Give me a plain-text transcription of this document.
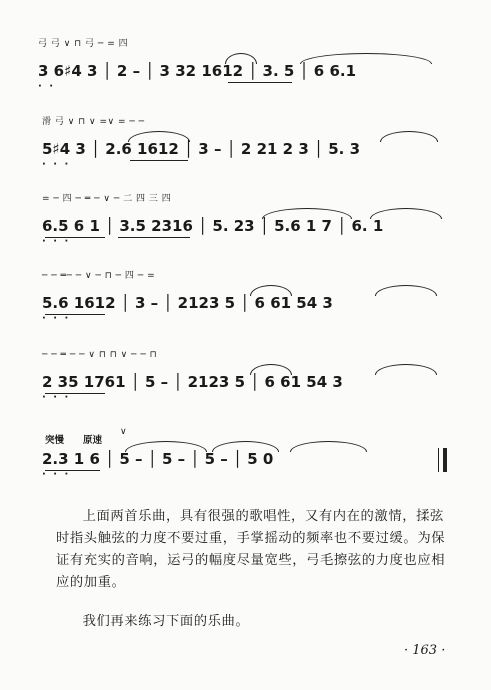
弓 弓 ∨ ⊓ 弓 ─ = 四
3 6♯4 3 │ 2 – │ 3 32 1612 │ 3. 5 │ 6 6.1
· ·
滑 弓 ∨ ⊓ ∨ =∨ = ─ ─
5♯4 3 │ 2.6 1612 │ 3 – │ 2 21 2 3 │ 5. 3
· · ·
= ─ 四 ─ ═ ─ ∨ ─ 二 四 三 四
6.5 6 1 │ 3.5 2316 │ 5. 23 │ 5.6 1 7 │ 6. 1
· · ·
─ ─ ═─ ─ ∨ ─ ⊓ ─ 四 ─ =
5.6 1612 │ 3 – │ 2123 5 │ 6 61 54 3
· · ·
─ ─ ═ ─ ─ ∨ ⊓ ⊓ ∨ ─ ─ ⊓
2 35 1761 │ 5 – │ 2123 5 │ 6 61 54 3
· · ·
突慢 原速
∨
2.3 1 6 │ 5 – │ 5 – │ 5 – │ 5 0
· · ·
上面两首乐曲，具有很强的歌唱性，又有内在的激情，揉弦时指头触弦的力度不要过重，手掌摇动的频率也不要过缓。为保证有充实的音响，运弓的幅度尽量宽些，弓毛擦弦的力度也应相应的加重。
我们再来练习下面的乐曲。
· 163 ·
